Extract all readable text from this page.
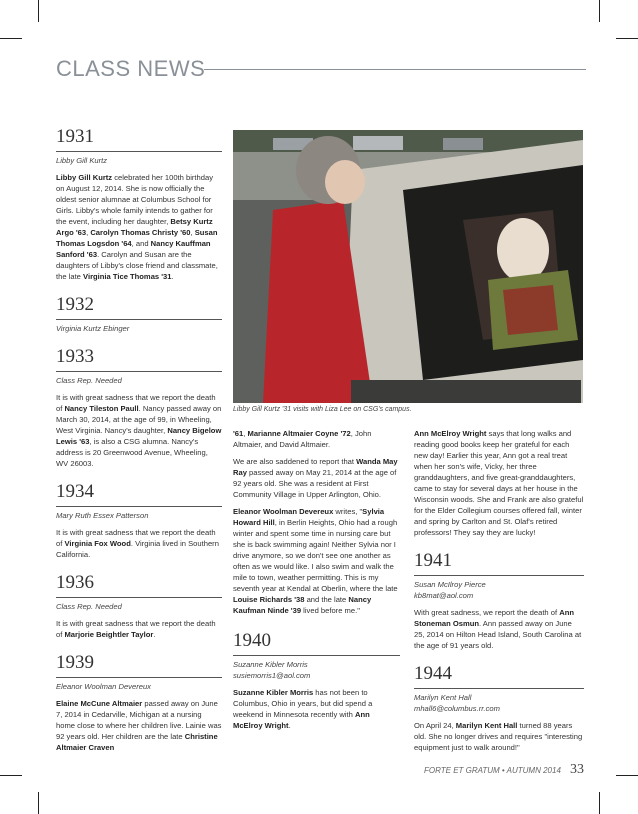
CLASS NEWS
1931
Libby Gill Kurtz
Libby Gill Kurtz celebrated her 100th birthday on August 12, 2014. She is now officially the oldest senior alumnae at Columbus School for Girls. Libby's whole family intends to gather for the event, including her daughter, Betsy Kurtz Argo '63, Carolyn Thomas Christy '60, Susan Thomas Logsdon '64, and Nancy Kauffman Sanford '63. Carolyn and Susan are the daughters of Libby's close friend and classmate, the late Virginia Tice Thomas '31.
1932
Virginia Kurtz Ebinger
1933
Class Rep. Needed
It is with great sadness that we report the death of Nancy Tileston Paull. Nancy passed away on March 30, 2014, at the age of 99, in Wheeling, West Virginia. Nancy's daughter, Nancy Bigelow Lewis '63, is also a CSG alumna. Nancy's address is 20 Greenwood Avenue, Wheeling, WV 26003.
1934
Mary Ruth Essex Patterson
It is with great sadness that we report the death of Virginia Fox Wood. Virginia lived in Southern California.
1936
Class Rep. Needed
It is with great sadness that we report the death of Marjorie Beightler Taylor.
1939
Eleanor Woolman Devereux
Elaine McCune Altmaier passed away on June 7, 2014 in Cedarville, Michigan at a nursing home close to where her children live. Lainie was 92 years old. Her children are the late Christine Altmaier Craven
Libby Gill Kurtz '31 visits with Liza Lee on CSG's campus.
'61, Marianne Altmaier Coyne '72, John Altmaier, and David Altmaier.
We are also saddened to report that Wanda May Ray passed away on May 21, 2014 at the age of 92 years old. She was a resident at First Community Village in Upper Arlington, Ohio.
Eleanor Woolman Devereux writes, "Sylvia Howard Hill, in Berlin Heights, Ohio had a rough winter and spent some time in nursing care but she is back swimming again! Neither Sylvia nor I drive anymore, so we don't see one another as often as we would like. I also swim and walk the mile to town, weather permitting. This is my seventh year at Kendal at Oberlin, where the late Louise Richards '38 and the late Nancy Kaufman Ninde '39 lived before me."
1940
Suzanne Kibler Morris
susiemorris1@aol.com
Suzanne Kibler Morris has not been to Columbus, Ohio in years, but did spend a weekend in Minnesota recently with Ann McElroy Wright.
Ann McElroy Wright says that long walks and reading good books keep her grateful for each new day! Earlier this year, Ann got a real treat when her son's wife, Vicky, her three granddaughters, and five great-granddaughters, came to stay for several days at her house in the Wisconsin woods. She and Frank are also grateful for the Elder Collegium courses offered fall, winter and spring by Carlton and St. Olaf's retired professors! They say they are lucky!
1941
Susan McIlroy Pierce
kb8mat@aol.com
With great sadness, we report the death of Ann Stoneman Osmun. Ann passed away on June 25, 2014 on Hilton Head Island, South Carolina at the age of 91 years old.
1944
Marilyn Kent Hall
mhall6@columbus.rr.com
On April 24, Marilyn Kent Hall turned 88 years old. She no longer drives and requires "interesting equipment just to walk around!"
FORTE ET GRATUM • AUTUMN 2014 33
